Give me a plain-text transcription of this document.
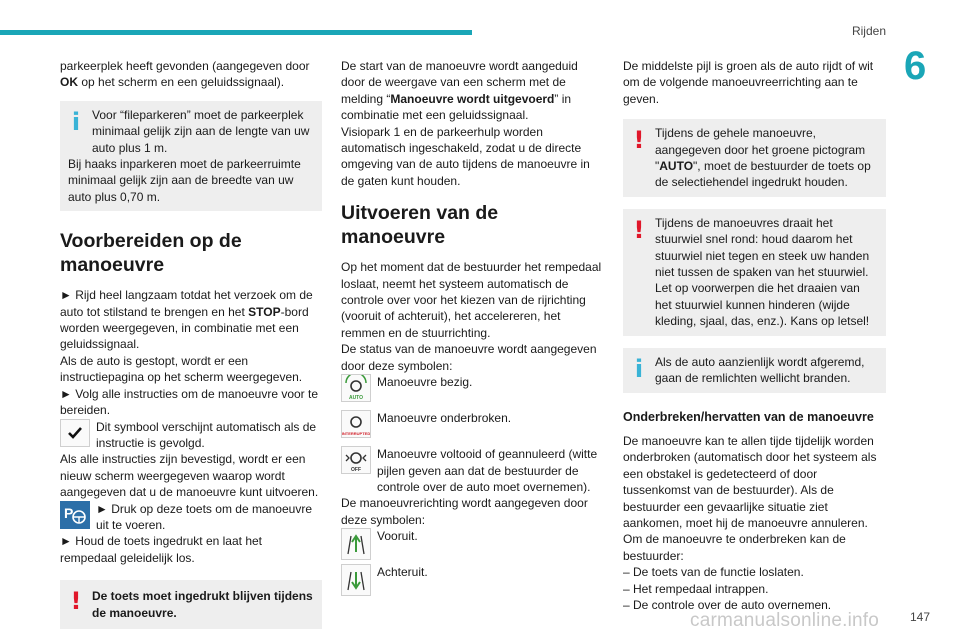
Rijden
6

parkeerplek heeft gevonden (aangegeven door OK op het scherm en een geluidssignaal).

i Voor “fileparkeren” moet de parkeerplek

minimaal gelijk zijn aan de lengte van uw auto plus 1 m.

Bij haaks inparkeren moet de parkeerruimte minimaal gelijk zijn aan de breedte van uw auto plus 0,70 m.

Voorbereiden op de manoeuvre

► Rijd heel langzaam totdat het verzoek om de auto tot stilstand te brengen en het STOP-bord worden weergegeven, in combinatie met een geluidssignaal.

Als de auto is gestopt, wordt er een instructiepagina op het scherm weergegeven.

► Volg alle instructies om de manoeuvre voor te bereiden.

Dit symbool verschijnt automatisch als de instructie is gevolgd.

Als alle instructies zijn bevestigd, wordt er een nieuw scherm weergegeven waarop wordt aangegeven dat u de manoeuvre kunt uitvoeren.

P	► Druk op deze toets om de manoeuvre uit te voeren.

► Houd de toets ingedrukt en laat het rempedaal geleidelijk los.

! De toets moet ingedrukt blijven tijdens de manoeuvre.

De start van de manoeuvre wordt aangeduid door de weergave van een scherm met de melding “Manoeuvre wordt uitgevoerd” in combinatie met een geluidssignaal.

Visiopark 1 en de parkeerhulp worden automatisch ingeschakeld, zodat u de directe omgeving van de auto tijdens de manoeuvre in de gaten kunt houden.

Uitvoeren van de manoeuvre

Op het moment dat de bestuurder het rempedaal loslaat, neemt het systeem automatisch de controle over voor het kiezen van de rijrichting (vooruit of achteruit), het accelereren, het remmen en de stuurrichting.

De status van de manoeuvre wordt aangegeven door deze symbolen:

AUTO

Manoeuvre bezig.

INTERRUPTED

Manoeuvre onderbroken.

OFF

Manoeuvre voltooid of geannuleerd (witte pijlen geven aan dat de bestuurder de controle over de auto moet overnemen).

De manoeuvrerichting wordt aangegeven door deze symbolen:

Vooruit.

Achteruit.

De middelste pijl is groen als de auto rijdt of wit om de volgende manoeuvreerrichting aan te geven.

! Tijdens de gehele manoeuvre,

aangegeven door het groene pictogram "AUTO", moet de bestuurder de toets op de selectiehendel ingedrukt houden.

! Tijdens de manoeuvres draait het

stuurwiel snel rond: houd daarom het stuurwiel niet tegen en steek uw handen niet tussen de spaken van het stuurwiel. Let op voorwerpen die het draaien van het stuurwiel kunnen hinderen (wijde kleding, sjaal, das, enz.). Kans op letsel!

i Als de auto aanzienlijk wordt afgeremd, gaan de remlichten wellicht branden.

Onderbreken/hervatten van de manoeuvre

De manoeuvre kan te allen tijde tijdelijk worden onderbroken (automatisch door het systeem als een obstakel is gedetecteerd of door tussenkomst van de bestuurder). Als de bestuurder een gevaarlijke situatie ziet aankomen, moet hij de manoeuvre annuleren.

Om de manoeuvre te onderbreken kan de bestuurder:

– De toets van de functie loslaten.

– Het rempedaal intrappen.

– De controle over de auto overnemen.

carmanualsonline.info	147
